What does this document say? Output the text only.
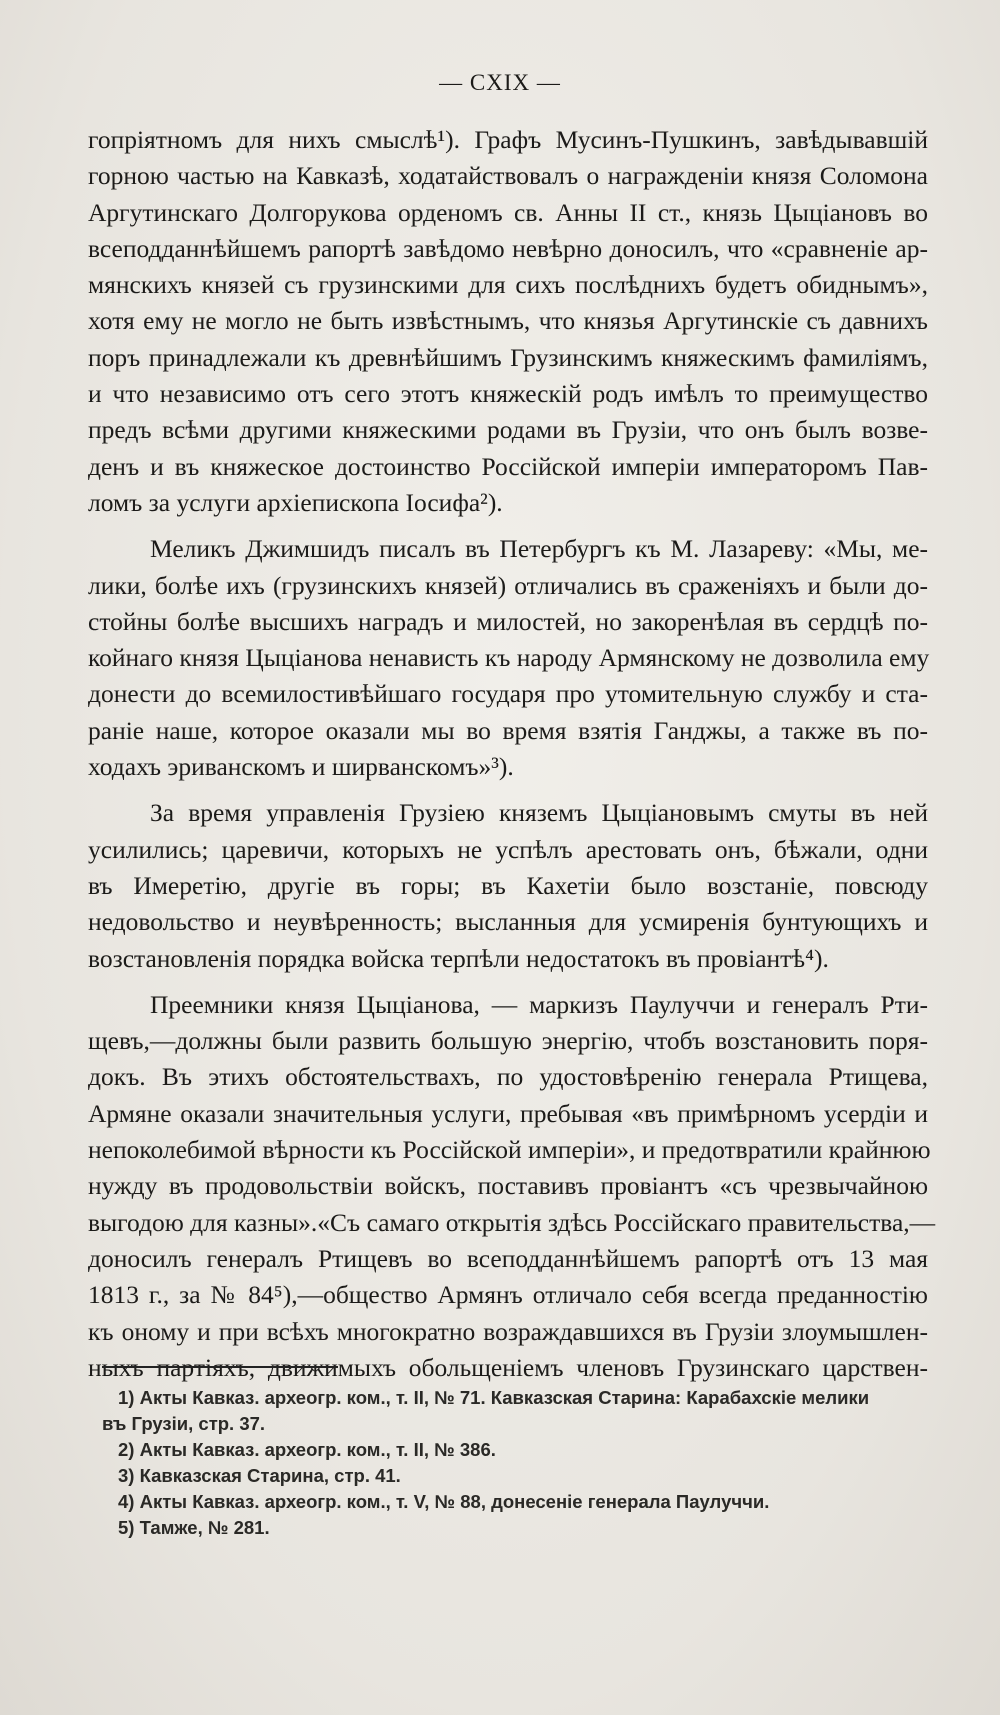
— CXIX —
гопріятномъ для нихъ смыслѣ¹). Графъ Мусинъ-Пушкинъ, завѣдывавшій
горною частью на Кавказѣ, ходатайствовалъ о награжденіи князя Соломона
Аргутинскаго Долгорукова орденомъ св. Анны II ст., князь Цыціановъ во
всеподданнѣйшемъ рапортѣ завѣдомо невѣрно доносилъ, что «сравненіе ар-
мянскихъ князей съ грузинскими для сихъ послѣднихъ будетъ обиднымъ»,
хотя ему не могло не быть извѣстнымъ, что князья Аргутинскіе съ давнихъ
поръ принадлежали къ древнѣйшимъ Грузинскимъ княжескимъ фамиліямъ,
и что независимо отъ сего этотъ княжескій родъ имѣлъ то преимущество
предъ всѣми другими княжескими родами въ Грузіи, что онъ былъ возве-
денъ и въ княжеское достоинство Россійской имперіи императоромъ Пав-
ломъ за услуги архіепископа Іосифа²).
Меликъ Джимшидъ писалъ въ Петербургъ къ М. Лазареву: «Мы, ме-
лики, болѣе ихъ (грузинскихъ князей) отличались въ сраженіяхъ и были до-
стойны болѣе высшихъ наградъ и милостей, но закоренѣлая въ сердцѣ по-
койнаго князя Цыціанова ненависть къ народу Армянскому не дозволила ему
донести до всемилостивѣйшаго государя про утомительную службу и ста-
раніе наше, которое оказали мы во время взятія Ганджы, а также въ по-
ходахъ эриванскомъ и ширванскомъ»³).
За время управленія Грузіею княземъ Цыціановымъ смуты въ ней
усилились; царевичи, которыхъ не успѣлъ арестовать онъ, бѣжали, одни
въ Имеретію, другіе въ горы; въ Кахетіи было возстаніе, повсюду
недовольство и неувѣренность; высланныя для усмиренія бунтующихъ и
возстановленія порядка войска терпѣли недостатокъ въ провіантѣ⁴).
Преемники князя Цыціанова, — маркизъ Паулуччи и генералъ Рти-
щевъ,—должны были развить большую энергію, чтобъ возстановить поря-
докъ. Въ этихъ обстоятельствахъ, по удостовѣренію генерала Ртищева,
Армяне оказали значительныя услуги, пребывая «въ примѣрномъ усердіи и
непоколебимой вѣрности къ Россійской имперіи», и предотвратили крайнюю
нужду въ продовольствіи войскъ, поставивъ провіантъ «съ чрезвычайною
выгодою для казны».«Съ самаго открытія здѣсь Россійскаго правительства,—
доносилъ генералъ Ртищевъ во всеподданнѣйшемъ рапортѣ отъ 13 мая
1813 г., за № 84⁵),—общество Армянъ отличало себя всегда преданностію
къ оному и при всѣхъ многократно возраждавшихся въ Грузіи злоумышлен-
ныхъ партіяхъ, движимыхъ обольщеніемъ членовъ Грузинскаго царствен-
1) Акты Кавказ. археогр. ком., т. II, № 71. Кавказская Старина: Карабахскіе мелики
въ Грузіи, стр. 37.
2) Акты Кавказ. археогр. ком., т. II, № 386.
3) Кавказская Старина, стр. 41.
4) Акты Кавказ. археогр. ком., т. V, № 88, донесеніе генерала Паулуччи.
5) Тамже, № 281.
